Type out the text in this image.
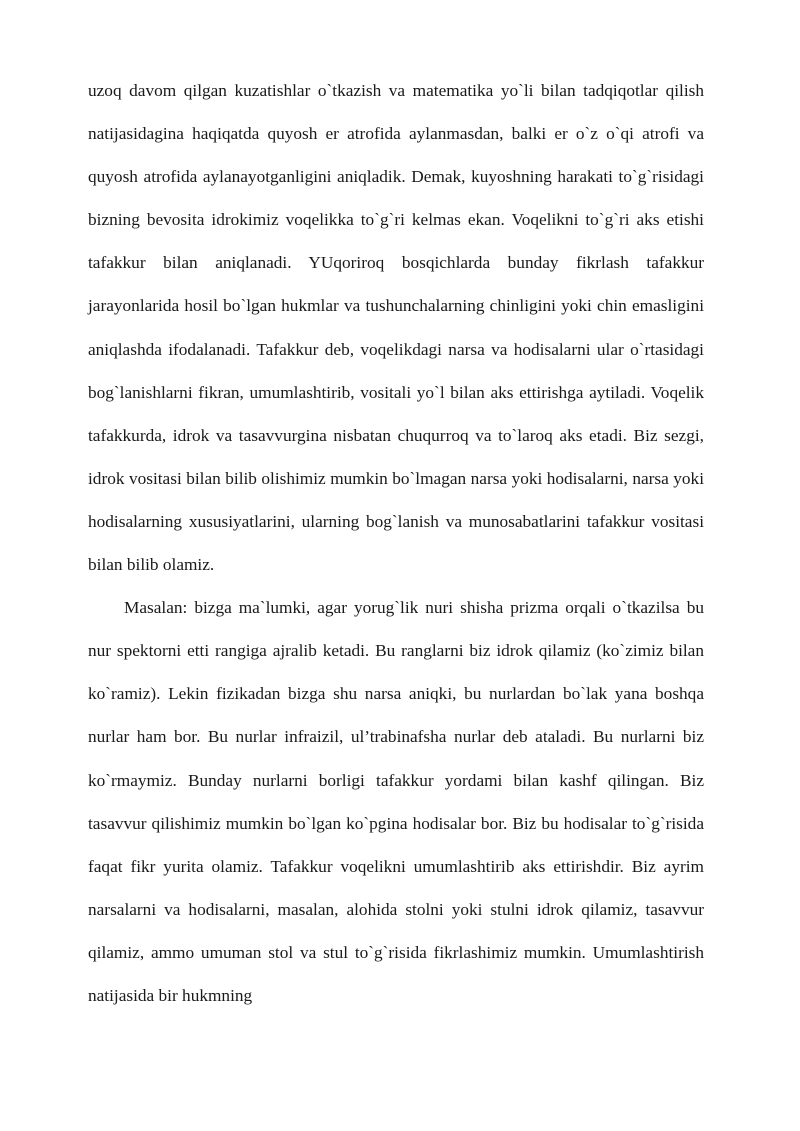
uzoq davom qilgan kuzatishlar o`tkazish va matematika yo`li bilan tadqiqotlar qilish natijasidagina haqiqatda quyosh er atrofida aylanmasdan, balki er o`z o`qi atrofi va quyosh atrofida aylanayotganligini aniqladik. Demak, kuyoshning harakati to`g`risidagi bizning bevosita idrokimiz voqelikka to`g`ri kelmas ekan. Voqelikni to`g`ri aks etishi tafakkur bilan aniqlanadi. YUqoriroq bosqichlarda bunday fikrlash tafakkur jarayonlarida hosil bo`lgan hukmlar va tushunchalarning chinligini yoki chin emasligini aniqlashda ifodalanadi. Tafakkur deb, voqelikdagi narsa va hodisalarni ular o`rtasidagi bog`lanishlarni fikran, umumlashtirib, vositali yo`l bilan aks ettirishga aytiladi. Voqelik tafakkurda, idrok va tasavvurgina nisbatan chuqurroq va to`laroq aks etadi. Biz sezgi, idrok vositasi bilan bilib olishimiz mumkin bo`lmagan narsa yoki hodisalarni, narsa yoki hodisalarning xususiyatlarini, ularning bog`lanish va munosabatlarini tafakkur vositasi bilan bilib olamiz.

Masalan: bizga ma`lumki, agar yorug`lik nuri shisha prizma orqali o`tkazilsa bu nur spektorni etti rangiga ajralib ketadi. Bu ranglarni biz idrok qilamiz (ko`zimiz bilan ko`ramiz). Lekin fizikadan bizga shu narsa aniqki, bu nurlardan bo`lak yana boshqa nurlar ham bor. Bu nurlar infraizil, ul’trabinafsha nurlar deb ataladi. Bu nurlarni biz ko`rmaymiz. Bunday nurlarni borligi tafakkur yordami bilan kashf qilingan. Biz tasavvur qilishimiz mumkin bo`lgan ko`pgina hodisalar bor. Biz bu hodisalar to`g`risida faqat fikr yurita olamiz. Tafakkur voqelikni umumlashtirib aks ettirishdir. Biz ayrim narsalarni va hodisalarni, masalan, alohida stolni yoki stulni idrok qilamiz, tasavvur qilamiz, ammo umuman stol va stul to`g`risida fikrlashimiz mumkin. Umumlashtirish natijasida bir hukmning
